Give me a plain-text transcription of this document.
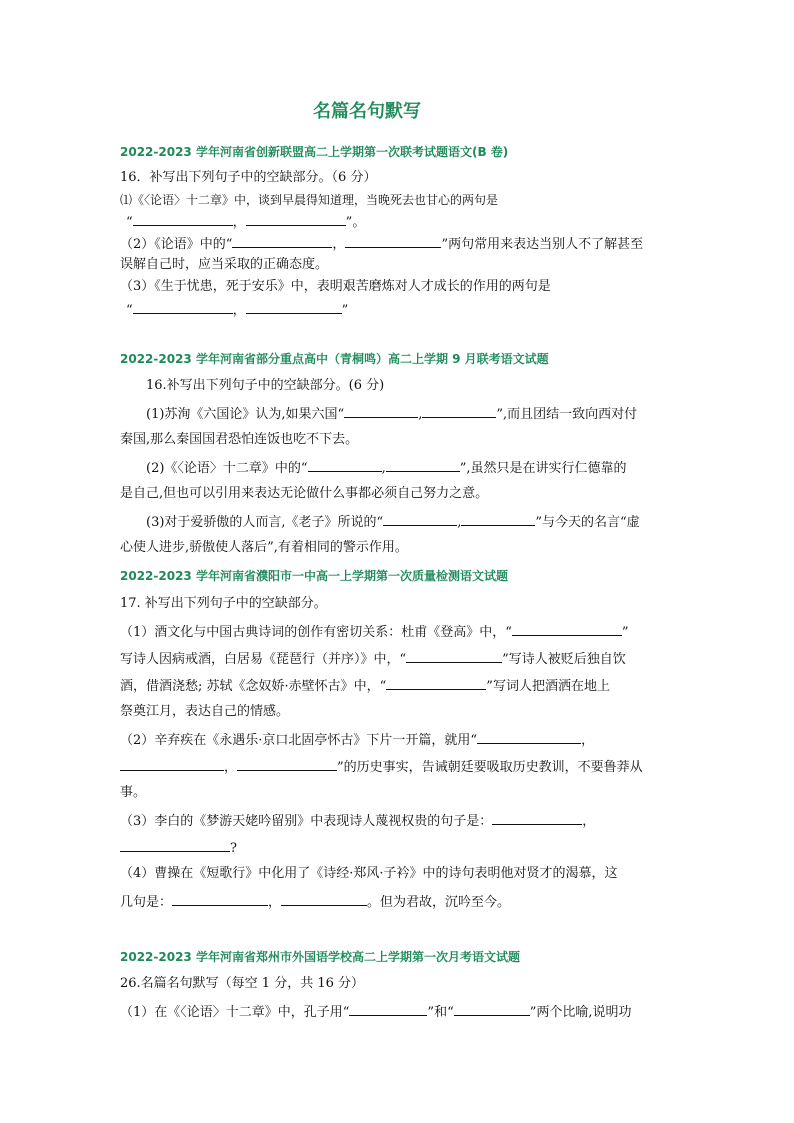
名篇名句默写
2022-2023 学年河南省创新联盟高二上学期第一次联考试题语文(B 卷)
16．补写出下列句子中的空缺部分。（6 分）
⑴《〈论语〉十二章》中，谈到早晨得知道理，当晚死去也甘心的两句是
“	，	”。
（2）《论语》中的“	，	”两句常用来表达当别人不了解甚至
误解自己时，应当采取的正确态度。
（3）《生于忧患，死于安乐》中，表明艰苦磨炼对人才成长的作用的两句是
“	，	”
2022-2023 学年河南省部分重点高中（青桐鸣）高二上学期 9 月联考语文试题
16.补写出下列句子中的空缺部分。(6 分)
(1)苏洵《六国论》认为,如果六国“	,	”,而且团结一致向西对付
秦国,那么秦国国君恐怕连饭也吃不下去。
(2)《〈论语〉十二章》中的“	,	”,虽然只是在讲实行仁德靠的
是自己,但也可以引用来表达无论做什么事都必须自己努力之意。
(3)对于爱骄傲的人而言,《老子》所说的“	,	”与今天的名言“虚
心使人进步,骄傲使人落后”,有着相同的警示作用。
2022-2023 学年河南省濮阳市一中高一上学期第一次质量检测语文试题
17. 补写出下列句子中的空缺部分。
（1）酒文化与中国古典诗词的创作有密切关系：杜甫《登高》中，“	”
写诗人因病戒酒，白居易《琵琶行（并序）》中，“	”写诗人被贬后独自饮
酒，借酒浇愁; 苏轼《念奴娇·赤壁怀古》中，“	”写词人把酒洒在地上
祭奠江月，表达自己的情感。
（2）辛弃疾在《永遇乐·京口北固亭怀古》下片一开篇，就用“	，
，	”的历史事实，告诫朝廷要吸取历史教训，不要鲁莽从
事。
（3）李白的《梦游天姥吟留别》中表现诗人蔑视权贵的句子是：	，
?
（4）曹操在《短歌行》中化用了《诗经·郑风·子衿》中的诗句表明他对贤才的渴慕，这
几句是：	，	。但为君故，沉吟至今。
2022-2023 学年河南省郑州市外国语学校高二上学期第一次月考语文试题
26.名篇名句默写（每空 1 分，共 16 分）
（1）在《〈论语〉十二章》中，孔子用“	”和“	”两个比喻,说明功
